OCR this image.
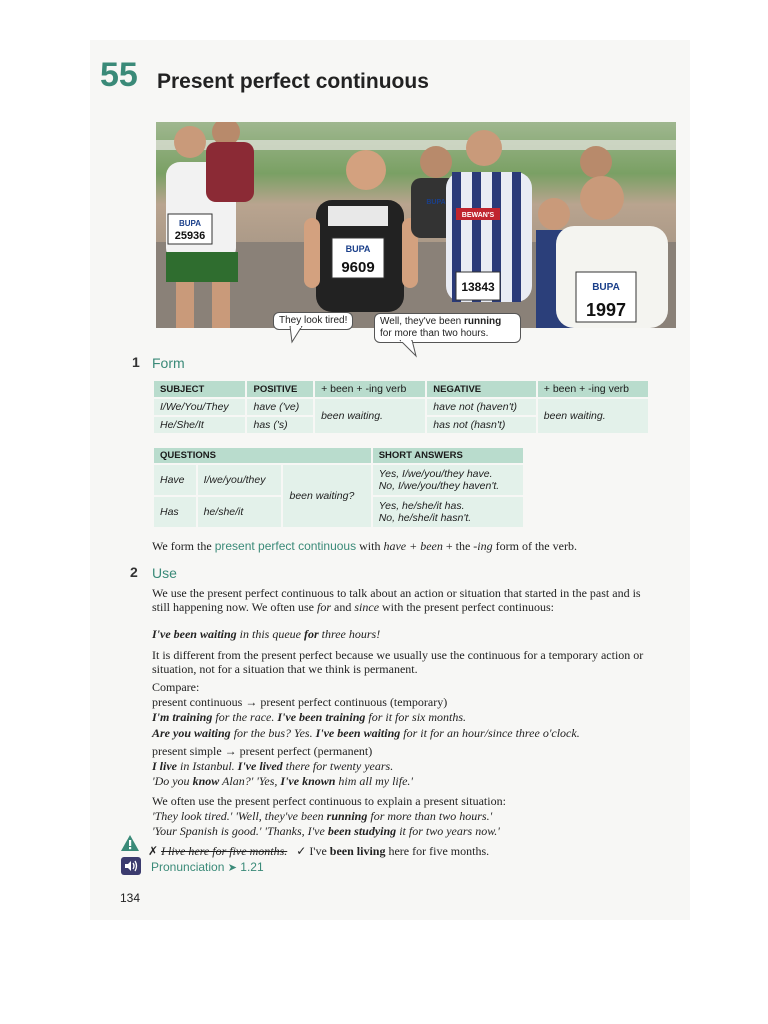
55 Present perfect continuous
BUPA
25936
BUPA
9609
BUPA
BEWAN'S
13843	BUPA
1997
They look tired!	Well, they've been running
for more than two hours.
1 Form
SUBJECT	POSITIVE	+ been + -ing verb	NEGATIVE	+ been + -ing verb
I/We/You/They	have ('ve)	been waiting.	have not (haven't)	been waiting.
He/She/It	has ('s)		has not (hasn't)	
QUESTIONS			SHORT ANSWERS
Have	I/we/you/they	been waiting?	Yes, I/we/you/they have.
No, I/we/you/they haven't.

Has	he/she/it		Yes, he/she/it has.
No, he/she/it hasn't.
We form the present perfect continuous with have + been + the -ing form of the verb.
2 Use
We use the present perfect continuous to talk about an action or situation that started in the past and is still happening now. We often use for and since with the present perfect continuous:
I've been waiting in this queue for three hours!
It is different from the present perfect because we usually use the continuous for a temporary action or situation, not for a situation that we think is permanent.
Compare:
present continuous → present perfect continuous (temporary)
I'm training for the race. I've been training for it for six months.
Are you waiting for the bus? Yes. I've been waiting for it for an hour/since three o'clock.
present simple → present perfect (permanent)
I live in Istanbul. I've lived there for twenty years.
'Do you know Alan?' 'Yes, I've known him all my life.'
We often use the present perfect continuous to explain a present situation:
'They look tired.' 'Well, they've been running for more than two hours.'
'Your Spanish is good.' 'Thanks, I've been studying it for two years now.'
✗ I live here for five months. ✓ I've been living here for five months.
Pronunciation ➤ 1.21
134
